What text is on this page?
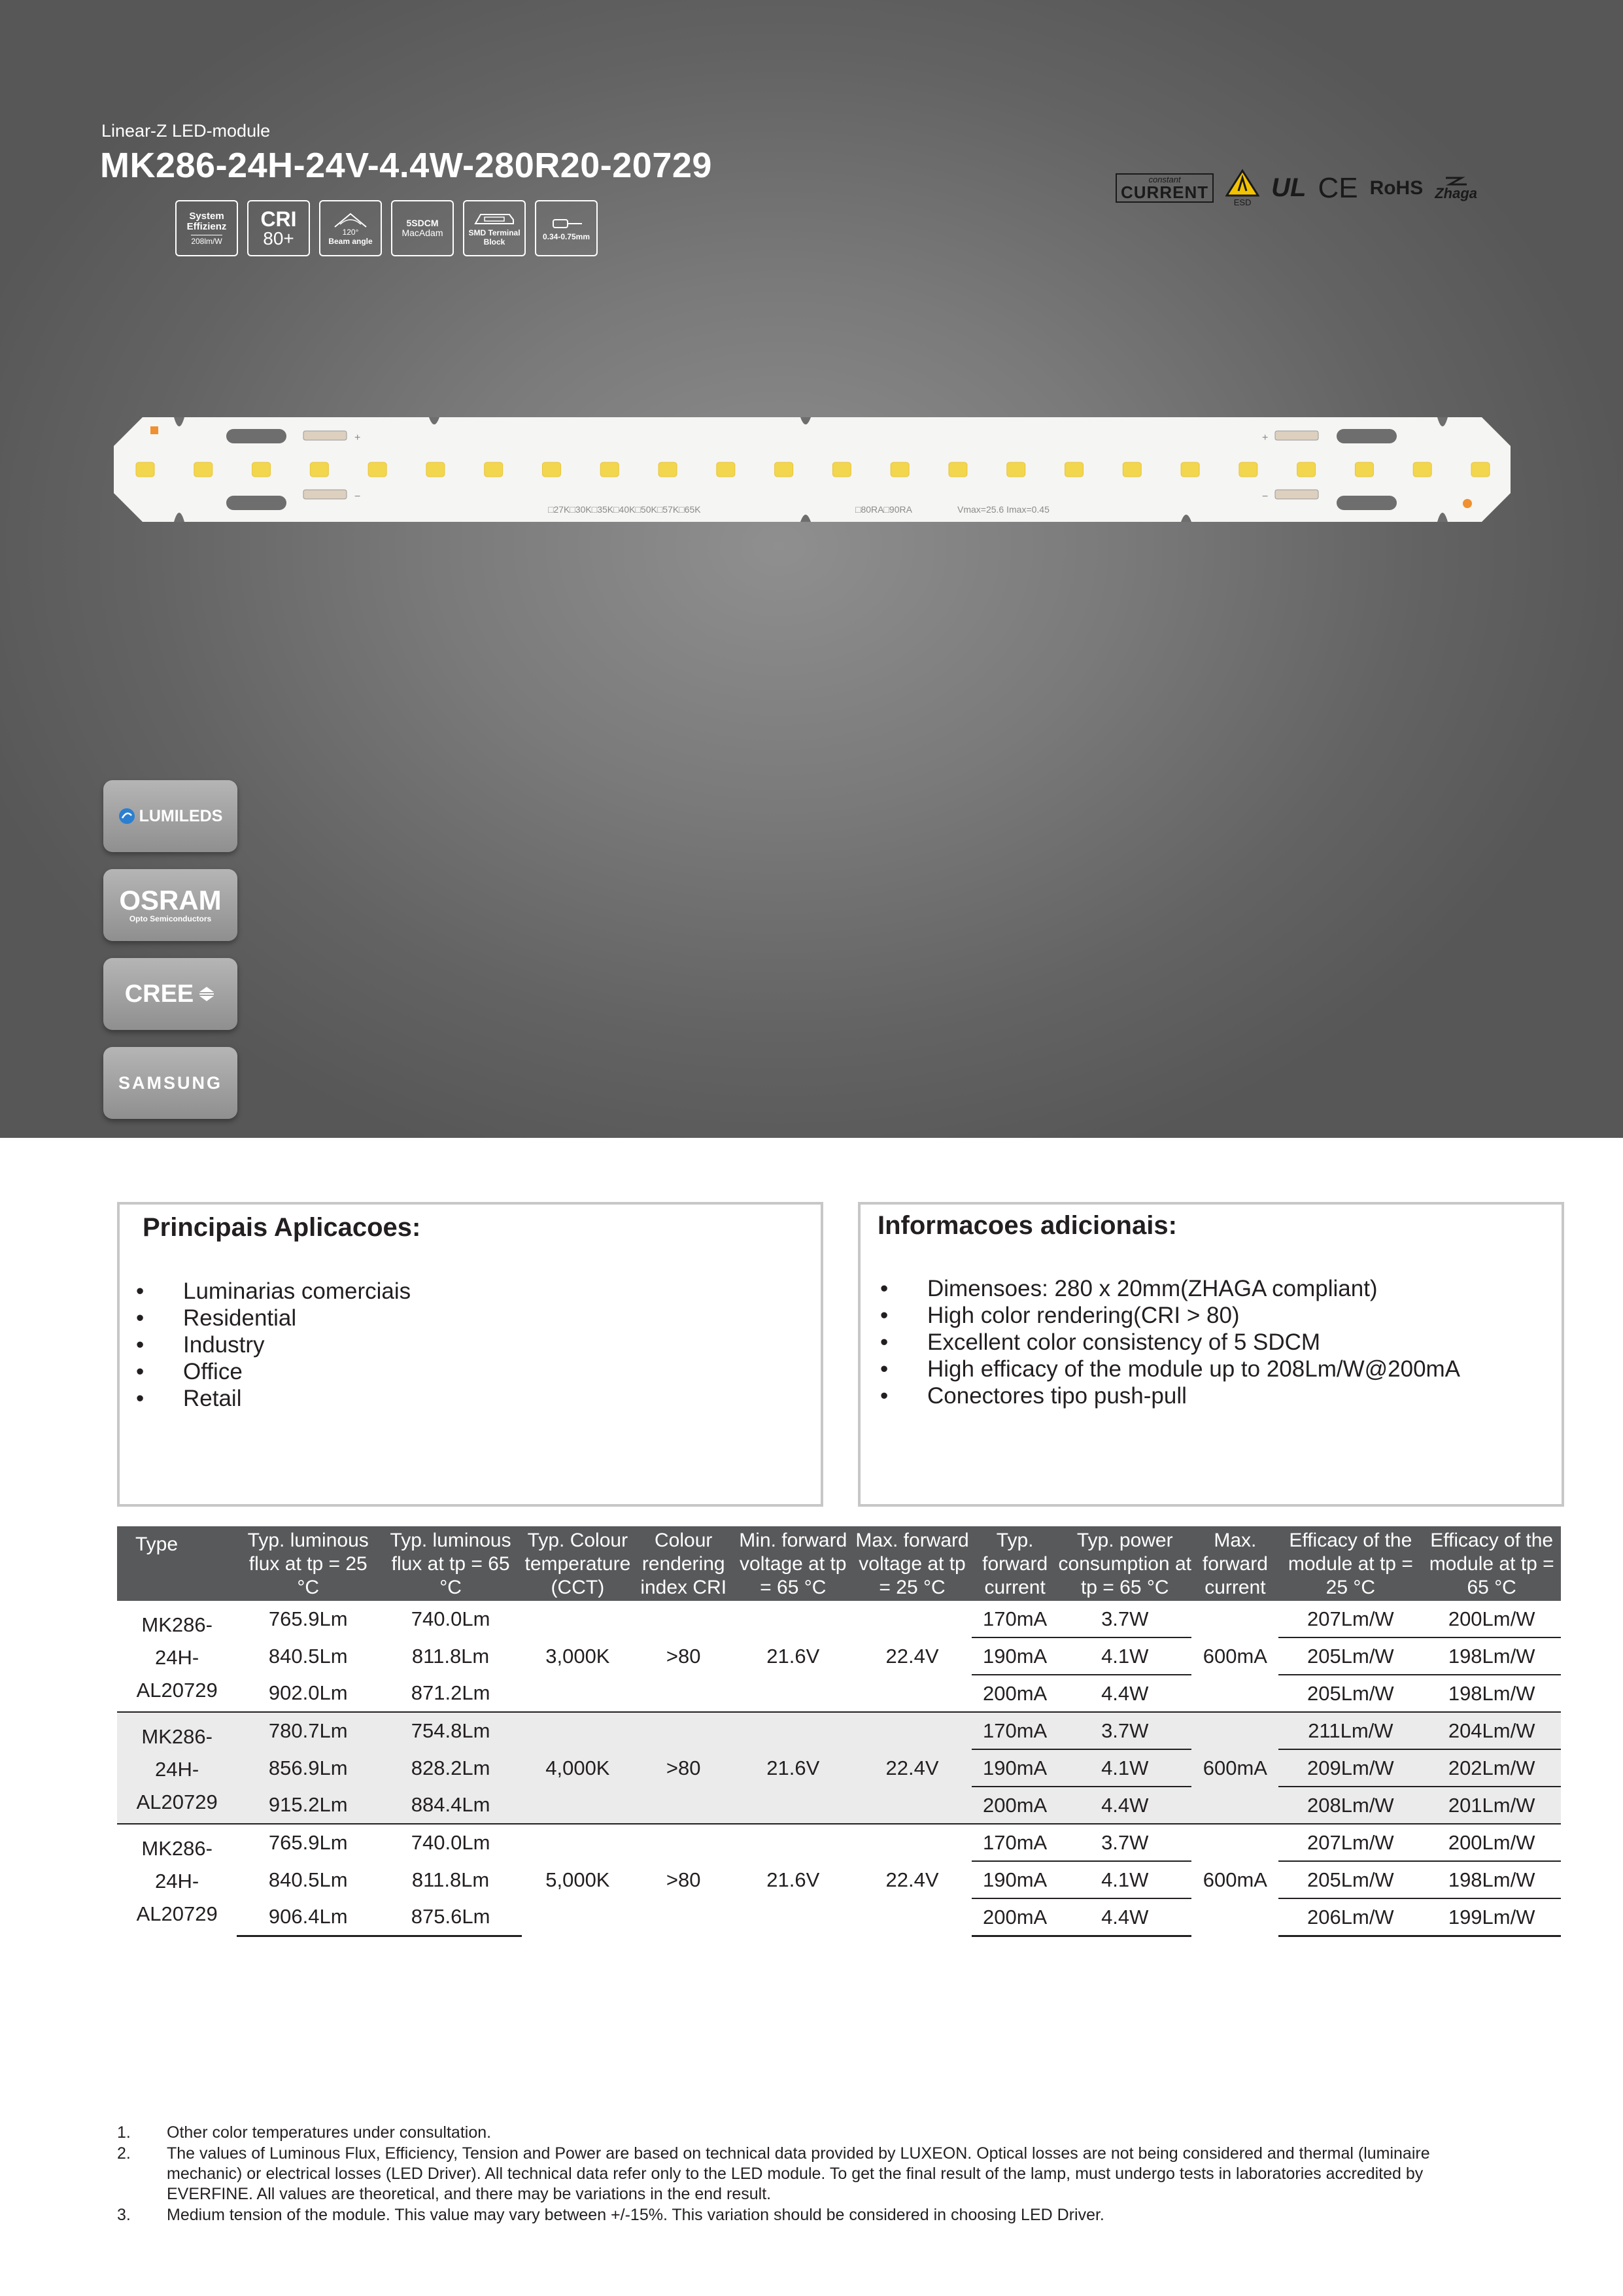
Linear-Z LED-module
MK286-24H-24V-4.4W-280R20-20729
System
Effizienz
208lm/W
CRI
80+	120°
Beam angle
5SDCM
MacAdam	SMD Terminal
Block
0.34-0.75mm
constant
CURRENT
ESD
UL CE RoHS Zhaga
+
−
+
−
□27K□30K□35K□40K□50K□57K□65K	□80RA□90RA	Vmax=25.6 Imax=0.45
LUMILEDS
OSRAM
Opto Semiconductors
CREE
SAMSUNG
Principais Aplicacoes:
• Luminarias comerciais
• Residential
• Industry
• Office
• Retail
Informacoes adicionais:
• Dimensoes: 280 x 20mm(ZHAGA compliant)
• High color rendering(CRI > 80)
• Excellent color consistency of 5 SDCM
• High efficacy of the module up to 208Lm/W@200mA
• Conectores tipo push-pull
Type	Typ. luminous flux at tp = 25 °C	Typ. luminous flux at tp = 65 °C	Typ. Colour temperature (CCT)	Colour rendering index CRI	Min. forward voltage at tp = 65 °C	Max. forward voltage at tp = 25 °C	Typ. forward current	Typ. power consumption at tp = 65 °C	Max. forward current	Efficacy of the module at tp = 25 °C	Efficacy of the module at tp = 65 °C

MK286-
24H-
AL20729	765.9Lm	740.0Lm	3,000K	>80	21.6V	22.4V	170mA	3.7W	600mA	207Lm/W	200Lm/W
	840.5Lm	811.8Lm					190mA	4.1W		205Lm/W	198Lm/W
	902.0Lm	871.2Lm					200mA	4.4W		205Lm/W	198Lm/W

MK286-
24H-
AL20729	780.7Lm	754.8Lm	4,000K	>80	21.6V	22.4V	170mA	3.7W	600mA	211Lm/W	204Lm/W
	856.9Lm	828.2Lm					190mA	4.1W		209Lm/W	202Lm/W
	915.2Lm	884.4Lm					200mA	4.4W		208Lm/W	201Lm/W

MK286-
24H-
AL20729	765.9Lm	740.0Lm	5,000K	>80	21.6V	22.4V	170mA	3.7W	600mA	207Lm/W	200Lm/W
	840.5Lm	811.8Lm					190mA	4.1W		205Lm/W	198Lm/W
	906.4Lm	875.6Lm					200mA	4.4W		206Lm/W	199Lm/W
1. Other color temperatures under consultation.
2. The values of Luminous Flux, Efficiency, Tension and Power are based on technical data provided by LUXEON. Optical losses are not being considered and thermal (luminaire mechanic) or electrical losses (LED Driver). All technical data refer only to the LED module. To get the final result of the lamp, must undergo tests in laboratories accredited by EVERFINE. All values are theoretical, and there may be variations in the end result.
3. Medium tension of the module. This value may vary between +/-15%. This variation should be considered in choosing LED Driver.
